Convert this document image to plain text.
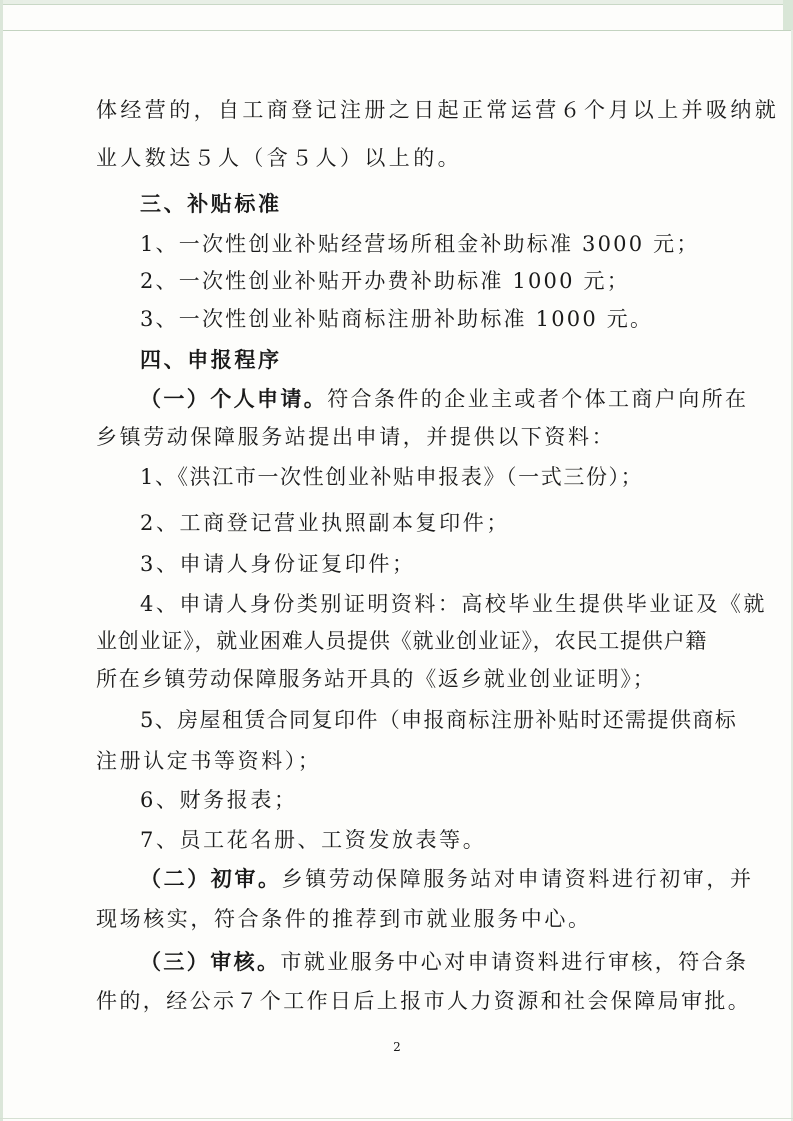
体经营的，自工商登记注册之日起正常运营６个月以上并吸纳就
业人数达５人（含５人）以上的。
三、补贴标准
1、一次性创业补贴经营场所租金补助标准 3000 元；
2、一次性创业补贴开办费补助标准 1000 元；
3、一次性创业补贴商标注册补助标准 1000 元。
四、申报程序
（一）个人申请。符合条件的企业主或者个体工商户向所在
乡镇劳动保障服务站提出申请，并提供以下资料：
1、《洪江市一次性创业补贴申报表》（一式三份）；
2、工商登记营业执照副本复印件；
3、申请人身份证复印件；
4、申请人身份类别证明资料：高校毕业生提供毕业证及《就
业创业证》，就业困难人员提供《就业创业证》，农民工提供户籍
所在乡镇劳动保障服务站开具的《返乡就业创业证明》；
5、房屋租赁合同复印件（申报商标注册补贴时还需提供商标
注册认定书等资料）；
6、财务报表；
7、员工花名册、工资发放表等。
（二）初审。乡镇劳动保障服务站对申请资料进行初审，并
现场核实，符合条件的推荐到市就业服务中心。
（三）审核。市就业服务中心对申请资料进行审核，符合条
件的，经公示７个工作日后上报市人力资源和社会保障局审批。
2
